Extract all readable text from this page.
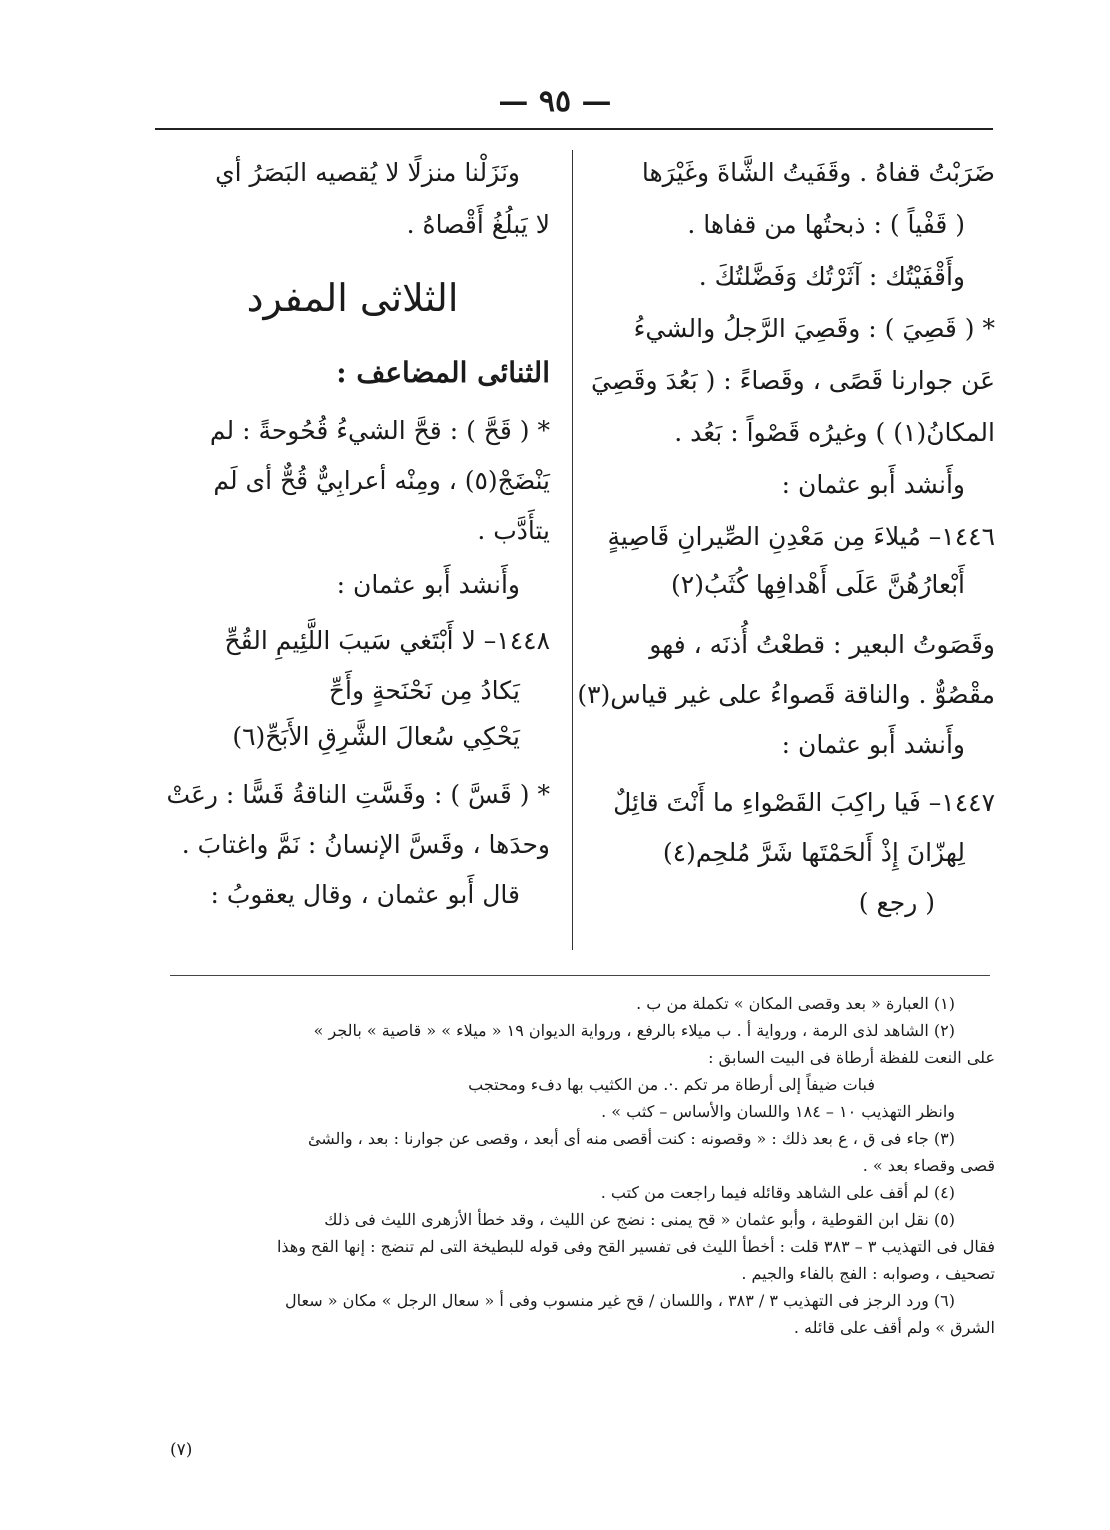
— ٩٥ —

ضَرَبْتُ قفاهُ . وقَفَيتُ الشَّاةَ وغَيْرَها

( قَفْياً ) : ذبحتُها من قفاها .

وأَقْفَيْتُك : آثَرْتُك وَفَضَّلتُكَ .

* ( قَصِيَ ) : وقَصِيَ الرَّجلُ والشيءُ

عَن جوارنا قَصًى ، وقَصاءً : ( بَعُدَ وقَصِيَ

المكانُ(١) ) وغيرُه قَصْواً : بَعُد .

وأَنشد أَبو عثمان :

١٤٤٦– مُيلاءَ مِن مَعْدِنِ الصِّيرانِ قَاصِيةٍ

أَبْعارُهُنَّ عَلَى أَهْدافِها كُثَبُ(٢)

وقَصَوتُ البعير : قطعْتُ أُذنَه ، فهو

مقْصُوٌّ . والناقة قَصواءُ على غير قياس(٣)

وأَنشد أَبو عثمان :

١٤٤٧– فَيا راكِبَ القَصْواءِ ما أَنْتَ قائِلٌ

لِهزّانَ إِذْ أَلحَمْتَها شَرَّ مُلحِم(٤)

( رجع )

ونَزَلْنا منزلًا لا يُقصيه البَصَرُ أي

لا يَبلُغُ أَقْصاهُ .

الثلاثى المفرد

الثنائى المضاعف :

* ( قَحَّ ) : قحَّ الشيءُ قُحُوحةً : لم

يَنْضَجْ(٥) ، ومِنْه أعرابِيٌّ قُحٌّ أى لَم

يتأَدَّب .

وأَنشد أَبو عثمان :

١٤٤٨– لا أَبْتَغي سَيبَ اللَّئِيمِ القُحِّ

يَكادُ مِن نَحْنَحةٍ وأَحِّ

يَحْكِي سُعالَ الشَّرِقِ الأَبَحِّ(٦)

* ( قَسَّ ) : وقَسَّتِ الناقةُ قَسًّا : رعَتْ

وحدَها ، وقَسَّ الإنسانُ : نَمَّ واغتابَ .

قال أَبو عثمان ، وقال يعقوبُ :

(١) العبارة « بعد وقصى المكان » تكملة من ب .

(٢) الشاهد لذى الرمة ، ورواية أ . ب ميلاء بالرفع ، ورواية الديوان ١٩ « ميلاء » « قاصية » بالجر »

على النعت للفظة أرطاة فى البيت السابق :

فبات ضيفاً إلى أرطاة مر تكم .·. من الكثيب بها دفء ومحتجب

وانظر التهذيب ١٠ – ١٨٤ واللسان والأساس – كثب » .

(٣) جاء فى ق ، ع بعد ذلك : « وقصونه : كنت أقصى منه أى أبعد ، وقصى عن جوارنا : بعد ، والشئ

قصى وقصاء بعد » .

(٤) لم أقف على الشاهد وقائله فيما راجعت من كتب .

(٥) نقل ابن القوطية ، وأبو عثمان « قح يمنى : نضج عن الليث ، وقد خطأ الأزهرى الليث فى ذلك

فقال فى التهذيب ٣ – ٣٨٣ قلت : أخطأ الليث فى تفسير القح وفى قوله للبطيخة التى لم تنضج : إنها القح وهذا

تصحيف ، وصوابه : الفج بالفاء والجيم .

(٦) ورد الرجز فى التهذيب ٣ / ٣٨٣ ، واللسان / قح غير منسوب وفى أ « سعال الرجل » مكان « سعال

الشرق » ولم أقف على قائله .

(٧)
